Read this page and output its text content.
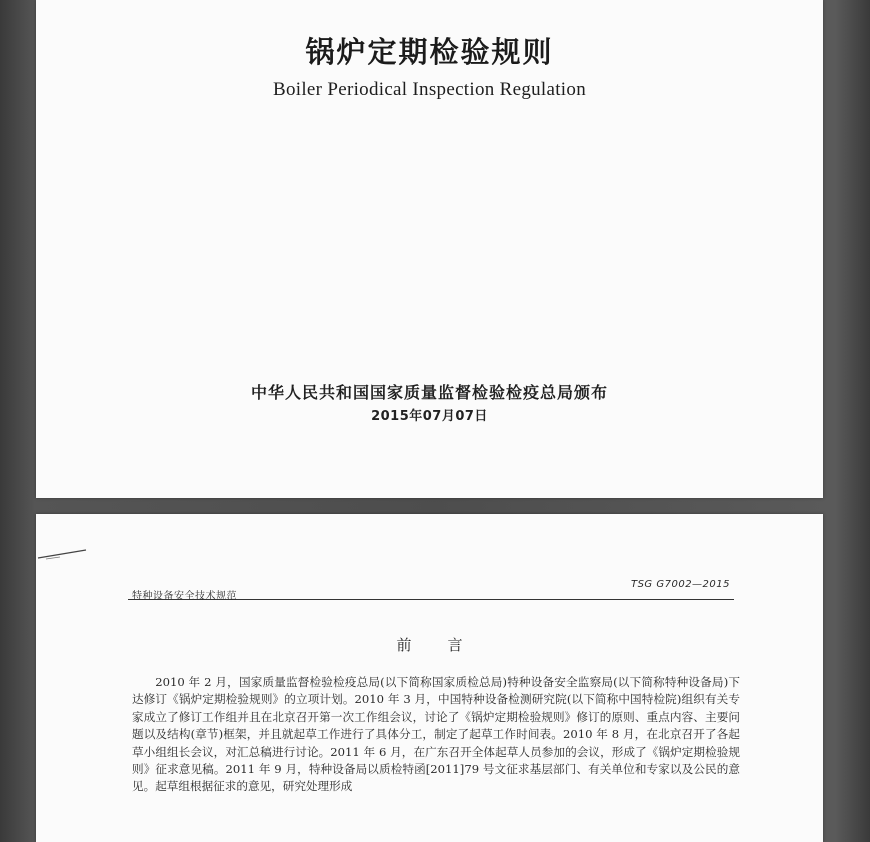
锅炉定期检验规则
Boiler Periodical Inspection Regulation
中华人民共和国国家质量监督检验检疫总局颁布
2015年07月07日
特种设备安全技术规范
TSG G7002—2015
前言

2010 年 2 月，国家质量监督检验检疫总局(以下简称国家质检总局)特种设备安全监察局(以下简称特种设备局)下达修订《锅炉定期检验规则》的立项计划。2010 年 3 月，中国特种设备检测研究院(以下简称中国特检院)组织有关专家成立了修订工作组并且在北京召开第一次工作组会议，讨论了《锅炉定期检验规则》修订的原则、重点内容、主要问题以及结构(章节)框架，并且就起草工作进行了具体分工，制定了起草工作时间表。2010 年 8 月，在北京召开了各起草小组组长会议，对汇总稿进行讨论。2011 年 6 月，在广东召开全体起草人员参加的会议，形成了《锅炉定期检验规则》征求意见稿。2011 年 9 月，特种设备局以质检特函[2011]79 号文征求基层部门、有关单位和专家以及公民的意见。起草组根据征求的意见，研究处理形成
